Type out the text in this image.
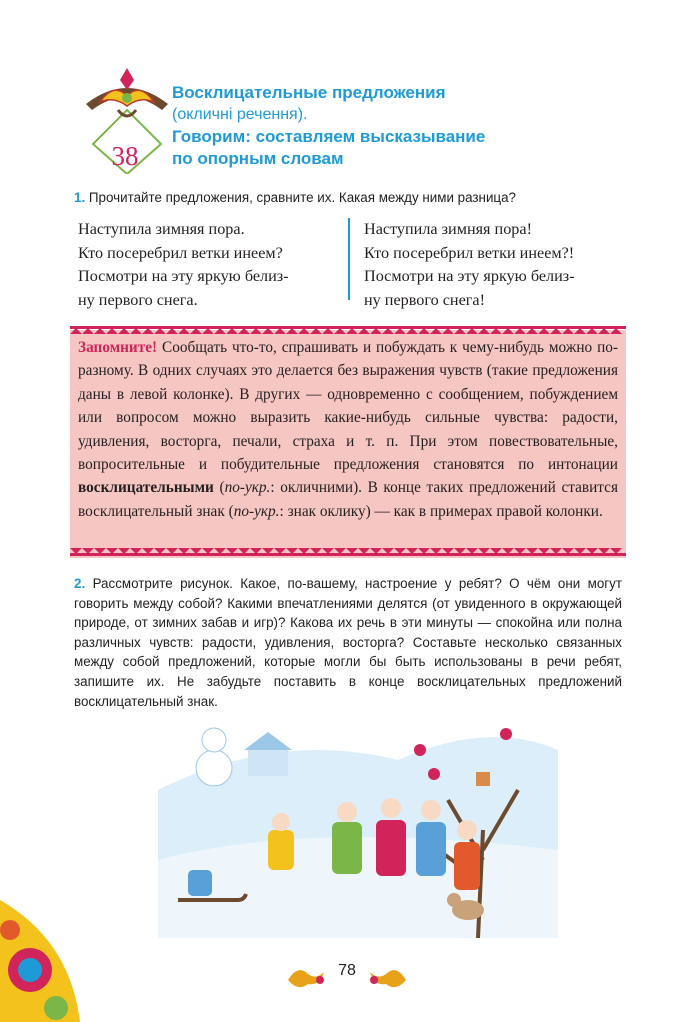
38
Восклицательные предложения
(окличні речення).
Говорим: составляем высказывание
по опорным словам
1. Прочитайте предложения, сравните их. Какая между ними разница?
Наступила зимняя пора.
Кто посеребрил ветки инеем?
Посмотри на эту яркую белиз-
ну первого снега.
Наступила зимняя пора!
Кто посеребрил ветки инеем?!
Посмотри на эту яркую белиз-
ну первого снега!
Запомните! Сообщать что-то, спрашивать и побуждать к чему-нибудь можно по-разному. В одних случаях это делается без выражения чувств (такие предложения даны в левой колонке). В других — одновременно с сообщением, побуждением или вопросом можно выразить какие-нибудь сильные чувства: радости, удивления, восторга, печали, страха и т. п. При этом повествовательные, вопросительные и побудительные предложения становятся по интонации восклицательными (по-укр.: окличними). В конце таких предложений ставится восклицательный знак (по-укр.: знак оклику) — как в примерах правой колонки.
2. Рассмотрите рисунок. Какое, по-вашему, настроение у ребят? О чём они могут говорить между собой? Какими впечатлениями делятся (от увиденного в окружающей природе, от зимних забав и игр)? Какова их речь в эти минуты — спокойна или полна различных чувств: радости, удивления, восторга? Составьте несколько связанных между собой предложений, которые могли бы быть использованы в речи ребят, запишите их. Не забудьте поставить в конце восклицательных предложений восклицательный знак.
78
